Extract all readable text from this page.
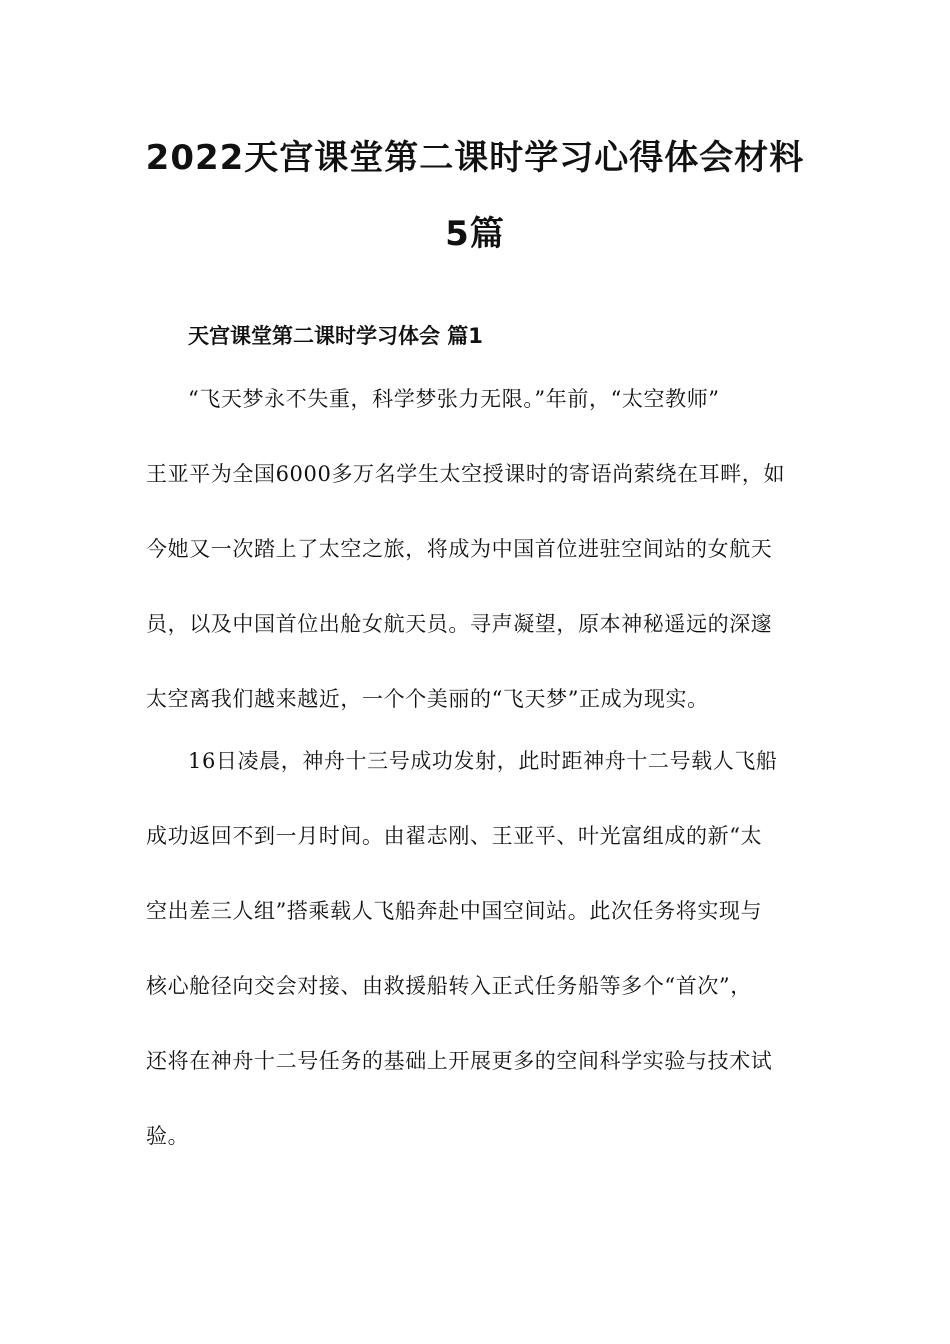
2022天宫课堂第二课时学习心得体会材料
5篇
天宫课堂第二课时学习体会 篇1
“飞天梦永不失重，科学梦张力无限。”年前，“太空教师”
王亚平为全国6000多万名学生太空授课时的寄语尚萦绕在耳畔，如
今她又一次踏上了太空之旅，将成为中国首位进驻空间站的女航天
员，以及中国首位出舱女航天员。寻声凝望，原本神秘遥远的深邃
太空离我们越来越近，一个个美丽的“飞天梦”正成为现实。
16日凌晨，神舟十三号成功发射，此时距神舟十二号载人飞船
成功返回不到一月时间。由翟志刚、王亚平、叶光富组成的新“太
空出差三人组”搭乘载人飞船奔赴中国空间站。此次任务将实现与
核心舱径向交会对接、由救援船转入正式任务船等多个“首次”，
还将在神舟十二号任务的基础上开展更多的空间科学实验与技术试
验。
